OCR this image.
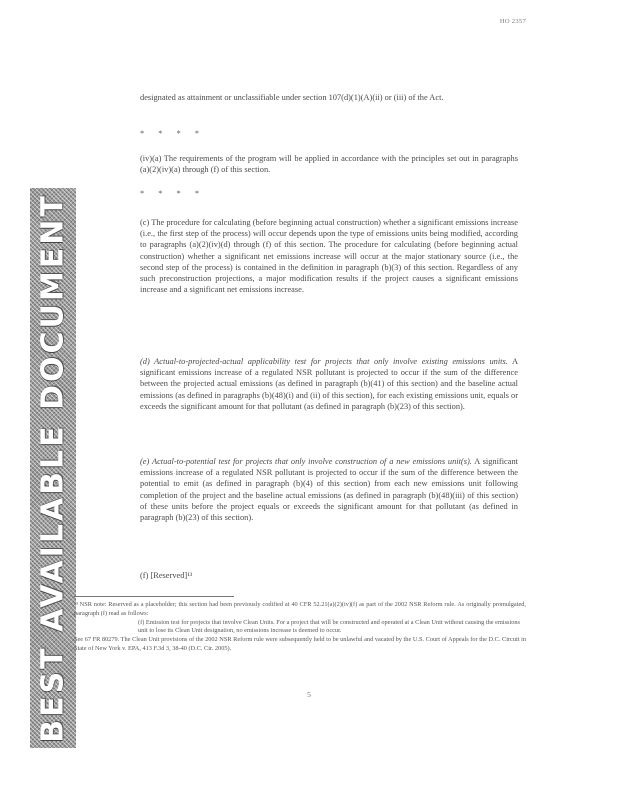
HO 2357
BEST AVAILABLE DOCUMENT
designated as attainment or unclassifiable under section 107(d)(1)(A)(ii) or (iii) of the Act.
* * * *
(iv)(a) The requirements of the program will be applied in accordance with the principles set out in paragraphs (a)(2)(iv)(a) through (f) of this section.
* * * *
(c) The procedure for calculating (before beginning actual construction) whether a significant emissions increase (i.e., the first step of the process) will occur depends upon the type of emissions units being modified, according to paragraphs (a)(2)(iv)(d) through (f) of this section. The procedure for calculating (before beginning actual construction) whether a significant net emissions increase will occur at the major stationary source (i.e., the second step of the process) is contained in the definition in paragraph (b)(3) of this section. Regardless of any such preconstruction projections, a major modification results if the project causes a significant emissions increase and a significant net emissions increase.
(d) Actual-to-projected-actual applicability test for projects that only involve existing emissions units. A significant emissions increase of a regulated NSR pollutant is projected to occur if the sum of the difference between the projected actual emissions (as defined in paragraph (b)(41) of this section) and the baseline actual emissions (as defined in paragraphs (b)(48)(i) and (ii) of this section), for each existing emissions unit, equals or exceeds the significant amount for that pollutant (as defined in paragraph (b)(23) of this section).
(e) Actual-to-potential test for projects that only involve construction of a new emissions unit(s). A significant emissions increase of a regulated NSR pollutant is projected to occur if the sum of the difference between the potential to emit (as defined in paragraph (b)(4) of this section) from each new emissions unit following completion of the project and the baseline actual emissions (as defined in paragraph (b)(48)(iii) of this section) of these units before the project equals or exceeds the significant amount for that pollutant (as defined in paragraph (b)(23) of this section).
(f) [Reserved]¹³
¹³ NSR note: Reserved as a placeholder; this section had been previously codified at 40 CFR 52.21(a)(2)(iv)(f) as part of the 2002 NSR Reform rule. As originally promulgated, paragraph (f) read as follows:
(f) Emission test for projects that involve Clean Units. For a project that will be constructed and operated at a Clean Unit without causing the emissions unit to lose its Clean Unit designation, no emissions increase is deemed to occur.
See 67 FR 80279. The Clean Unit provisions of the 2002 NSR Reform rule were subsequently held to be unlawful and vacated by the U.S. Court of Appeals for the D.C. Circuit in State of New York v. EPA, 413 F.3d 3, 38-40 (D.C. Cir. 2005).
5
